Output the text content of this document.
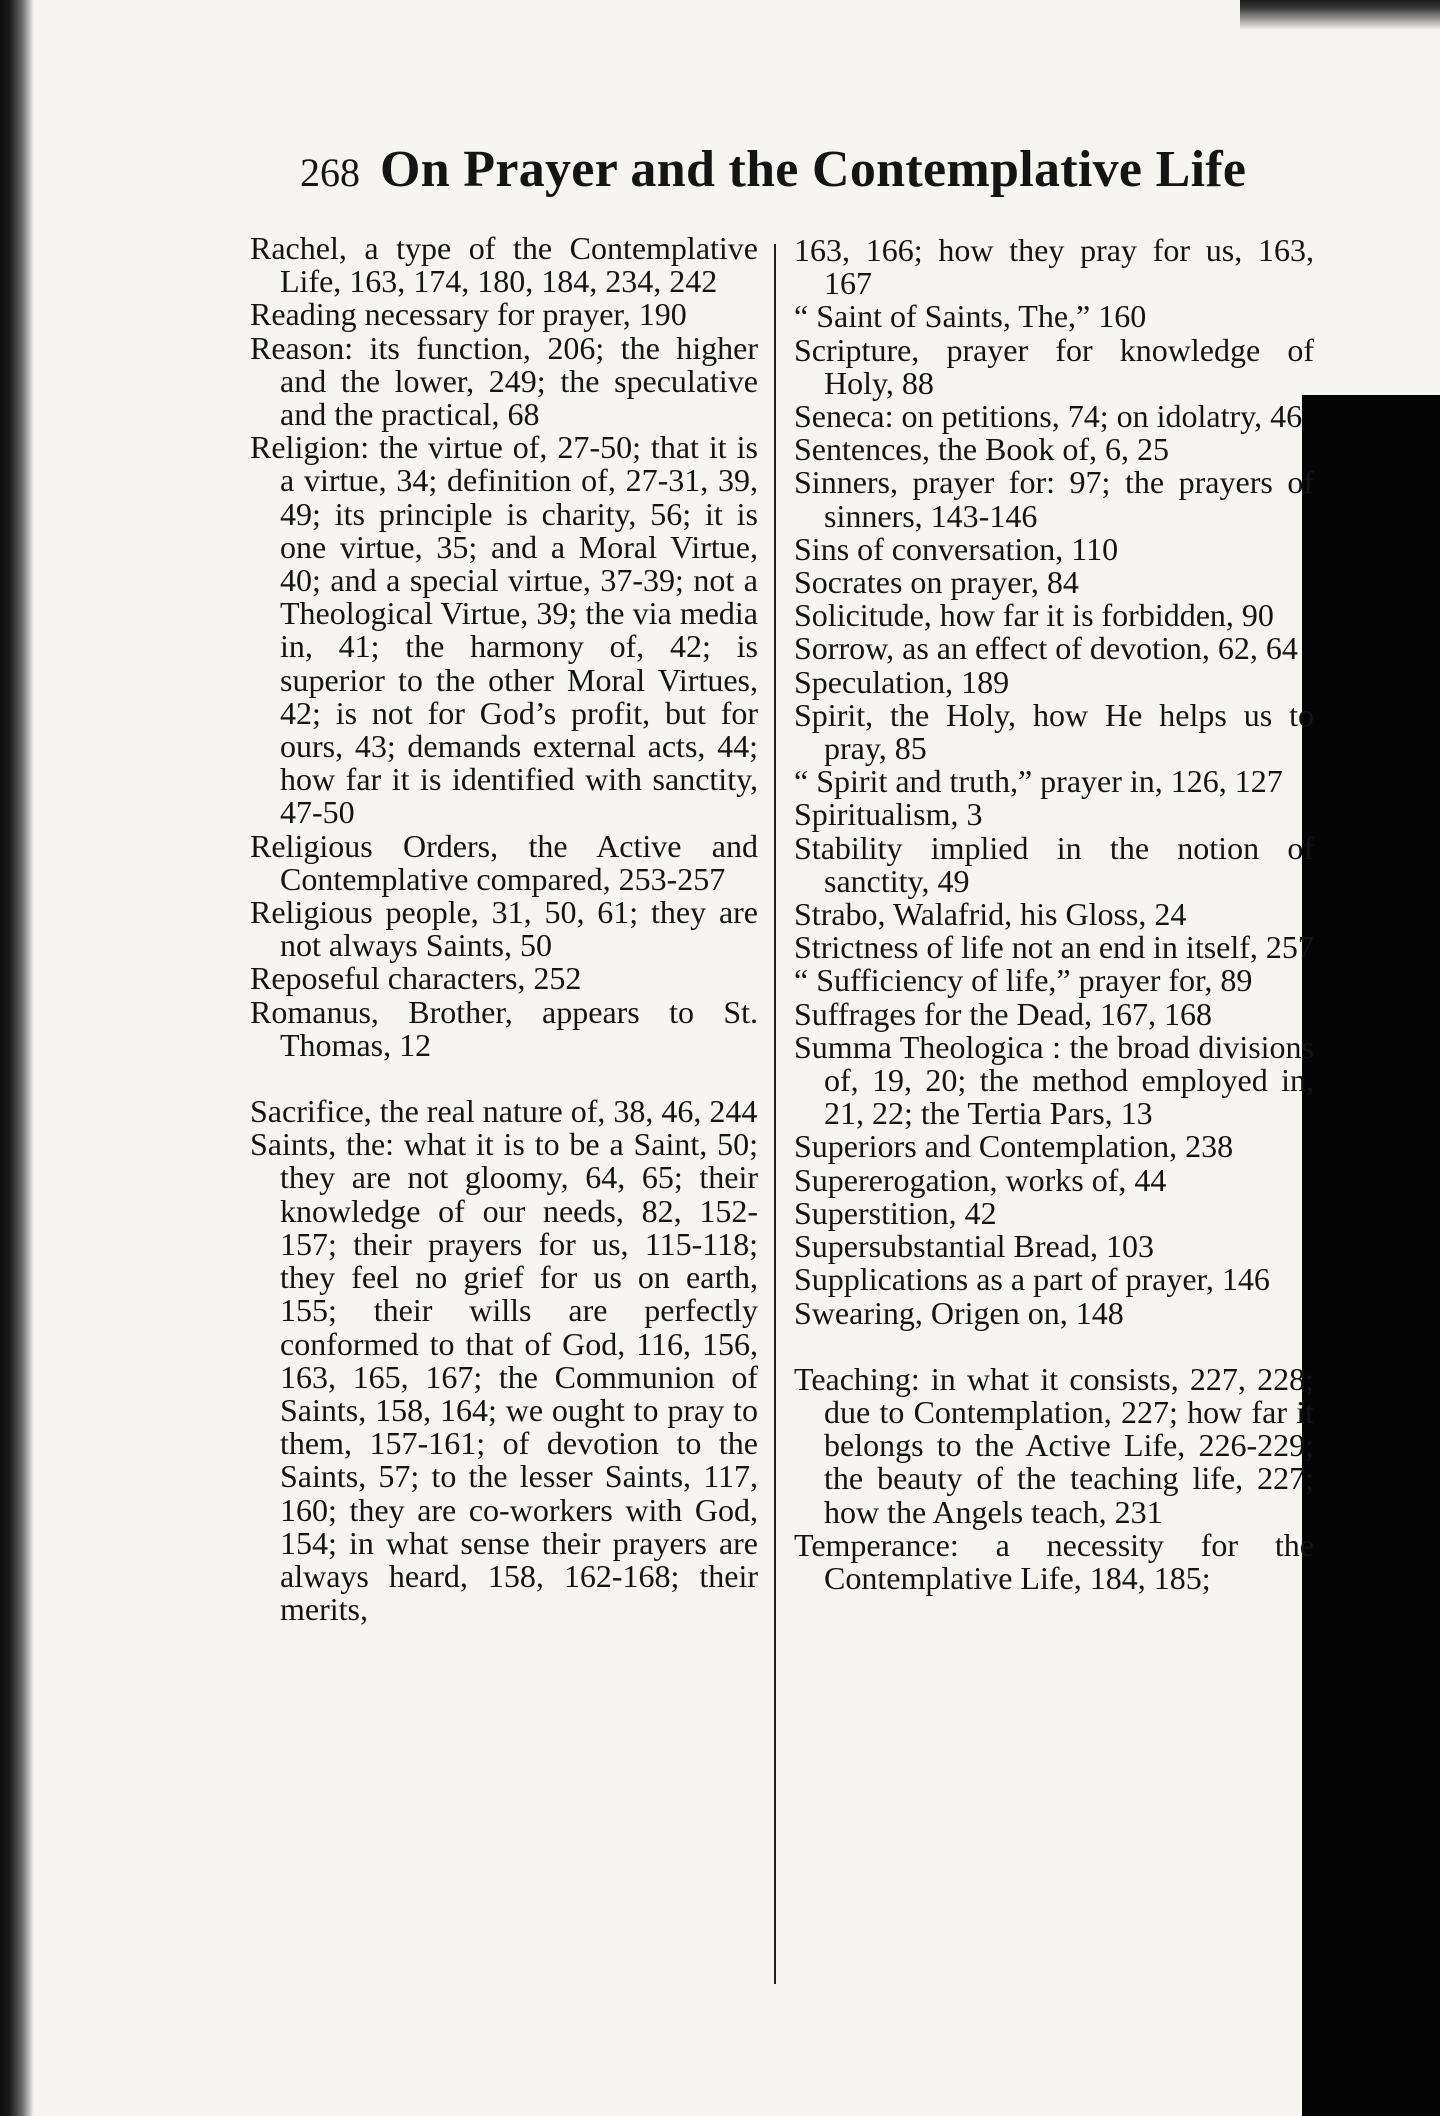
268 On Prayer and the Contemplative Life

Rachel, a type of the Contemplative Life, 163, 174, 180, 184, 234, 242

Reading necessary for prayer, 190

Reason: its function, 206; the higher and the lower, 249; the speculative and the practical, 68

Religion: the virtue of, 27-50; that it is a virtue, 34; definition of, 27-31, 39, 49; its principle is charity, 56; it is one virtue, 35; and a Moral Virtue, 40; and a special virtue, 37-39; not a Theological Virtue, 39; the via media in, 41; the harmony of, 42; is superior to the other Moral Virtues, 42; is not for God’s profit, but for ours, 43; demands external acts, 44; how far it is identified with sanctity, 47-50

Religious Orders, the Active and Contemplative compared, 253-257

Religious people, 31, 50, 61; they are not always Saints, 50

Reposeful characters, 252

Romanus, Brother, appears to St. Thomas, 12

Sacrifice, the real nature of, 38, 46, 244

Saints, the: what it is to be a Saint, 50; they are not gloomy, 64, 65; their knowledge of our needs, 82, 152-157; their prayers for us, 115-118; they feel no grief for us on earth, 155; their wills are perfectly conformed to that of God, 116, 156, 163, 165, 167; the Communion of Saints, 158, 164; we ought to pray to them, 157-161; of devotion to the Saints, 57; to the lesser Saints, 117, 160; they are co-workers with God, 154; in what sense their prayers are always heard, 158, 162-168; their merits,

163, 166; how they pray for us, 163, 167

“ Saint of Saints, The,” 160

Scripture, prayer for knowledge of Holy, 88

Seneca: on petitions, 74; on idolatry, 46

Sentences, the Book of, 6, 25

Sinners, prayer for: 97; the prayers of sinners, 143-146

Sins of conversation, 110

Socrates on prayer, 84

Solicitude, how far it is forbidden, 90

Sorrow, as an effect of devotion, 62, 64

Speculation, 189

Spirit, the Holy, how He helps us to pray, 85

“ Spirit and truth,” prayer in, 126, 127

Spiritualism, 3

Stability implied in the notion of sanctity, 49

Strabo, Walafrid, his Gloss, 24

Strictness of life not an end in itself, 257

“ Sufficiency of life,” prayer for, 89

Suffrages for the Dead, 167, 168

Summa Theologica : the broad divisions of, 19, 20; the method employed in, 21, 22; the Tertia Pars, 13

Superiors and Contemplation, 238

Supererogation, works of, 44

Superstition, 42

Supersubstantial Bread, 103

Supplications as a part of prayer, 146

Swearing, Origen on, 148

Teaching: in what it consists, 227, 228; due to Contemplation, 227; how far it belongs to the Active Life, 226-229; the beauty of the teaching life, 227; how the Angels teach, 231

Temperance: a necessity for the Contemplative Life, 184, 185;
